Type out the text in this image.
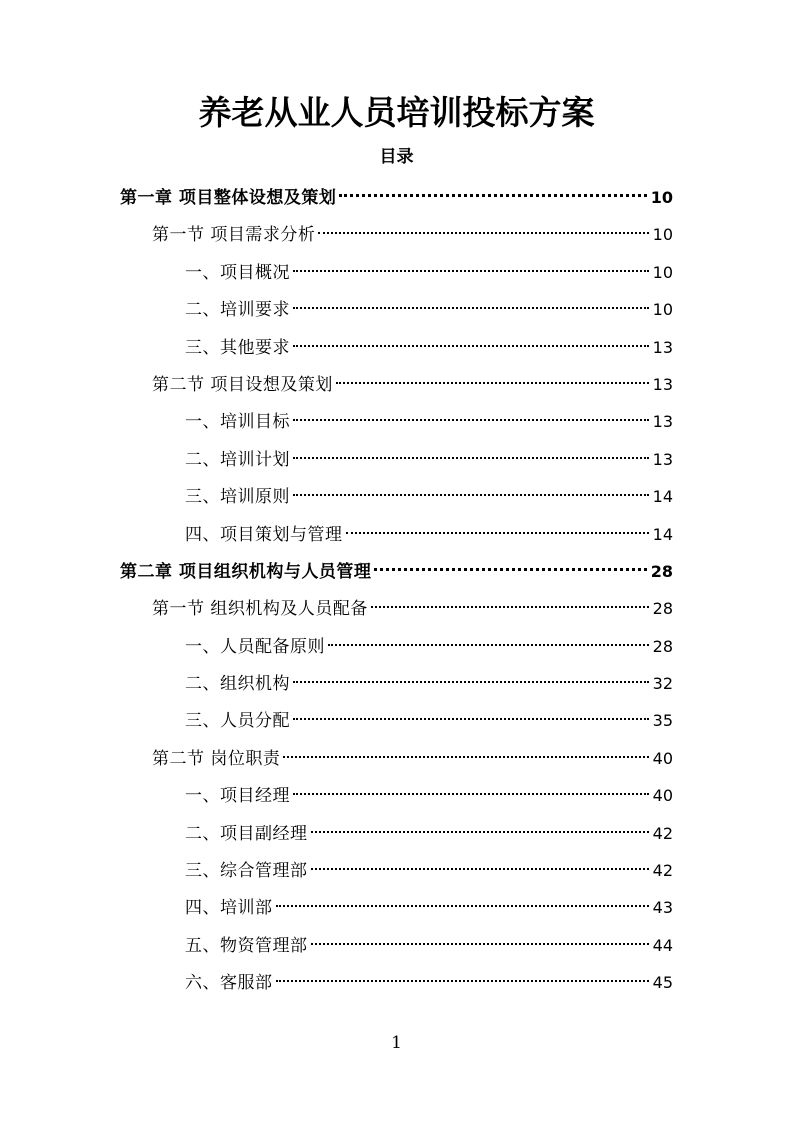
养老从业人员培训投标方案
目录
第一章 项目整体设想及策划	10
第一节 项目需求分析	10
一、项目概况	10
二、培训要求	10
三、其他要求	13
第二节 项目设想及策划	13
一、培训目标	13
二、培训计划	13
三、培训原则	14
四、项目策划与管理	14
第二章 项目组织机构与人员管理	28
第一节 组织机构及人员配备	28
一、人员配备原则	28
二、组织机构	32
三、人员分配	35
第二节 岗位职责	40
一、项目经理	40
二、项目副经理	42
三、综合管理部	42
四、培训部	43
五、物资管理部	44
六、客服部	45
1
